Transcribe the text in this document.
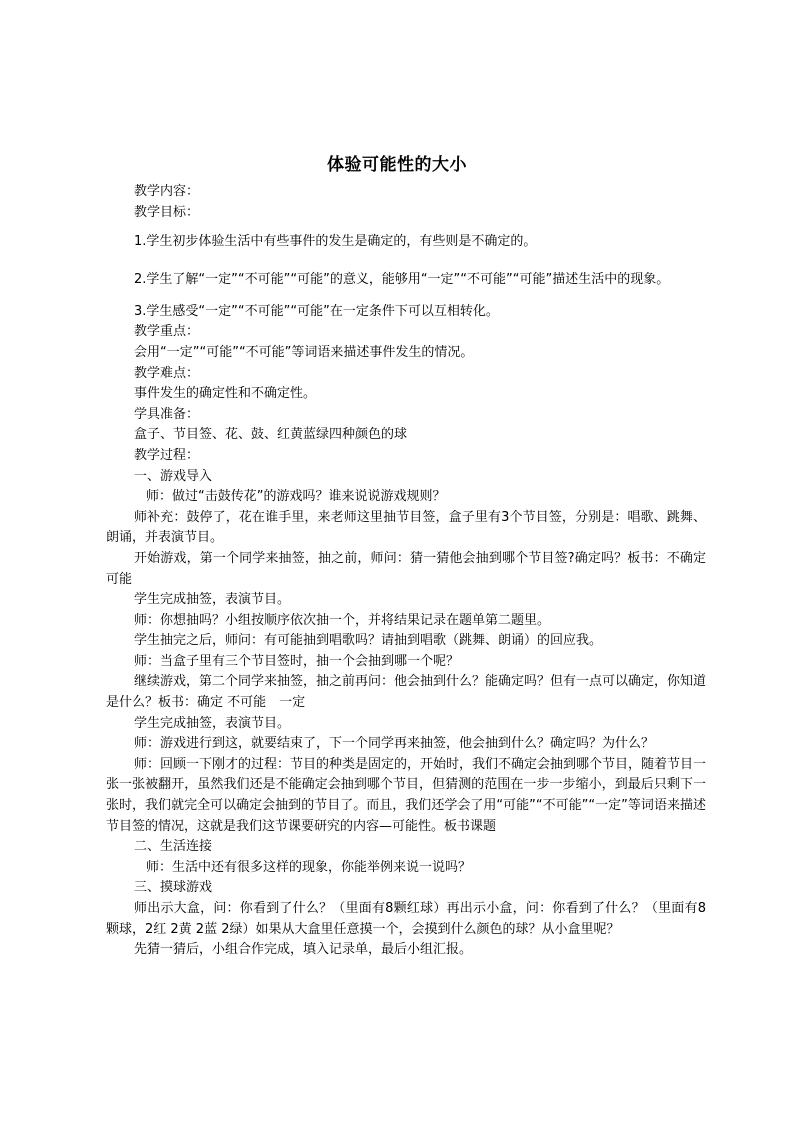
体验可能性的大小

教学内容：

教学目标：

1.学生初步体验生活中有些事件的发生是确定的，有些则是不确定的。

2.学生了解“一定”“不可能”“可能”的意义，能够用“一定”“不可能”“可能”描述生活中的现象。

3.学生感受“一定”“不可能”“可能”在一定条件下可以互相转化。

教学重点：

会用“一定”“可能”“不可能”等词语来描述事件发生的情况。

教学难点：

事件发生的确定性和不确定性。

学具准备：

盒子、节目签、花、鼓、红黄蓝绿四种颜色的球

教学过程：

一、游戏导入

师：做过“击鼓传花”的游戏吗？谁来说说游戏规则？

师补充：鼓停了，花在谁手里，来老师这里抽节目签，盒子里有3个节目签，分别是：唱歌、跳舞、朗诵，并表演节目。

开始游戏，第一个同学来抽签，抽之前，师问：猜一猜他会抽到哪个节目签?确定吗？板书：不确定　可能

学生完成抽签，表演节目。

师：你想抽吗？小组按顺序依次抽一个，并将结果记录在题单第二题里。

学生抽完之后，师问：有可能抽到唱歌吗？请抽到唱歌（跳舞、朗诵）的回应我。

师：当盒子里有三个节目签时，抽一个会抽到哪一个呢？

继续游戏，第二个同学来抽签，抽之前再问：他会抽到什么？能确定吗？但有一点可以确定，你知道是什么？板书：确定 不可能　一定

学生完成抽签，表演节目。

师：游戏进行到这，就要结束了，下一个同学再来抽签，他会抽到什么？确定吗？为什么？

师：回顾一下刚才的过程：节目的种类是固定的，开始时，我们不确定会抽到哪个节目，随着节目一张一张被翻开，虽然我们还是不能确定会抽到哪个节目，但猜测的范围在一步一步缩小，到最后只剩下一张时，我们就完全可以确定会抽到的节目了。而且，我们还学会了用“可能”“不可能”“一定”等词语来描述节目签的情况，这就是我们这节课要研究的内容—可能性。板书课题

二、生活连接

师：生活中还有很多这样的现象，你能举例来说一说吗？

三、摸球游戏

师出示大盒，问：你看到了什么？（里面有8颗红球）再出示小盒，问：你看到了什么？（里面有8颗球，2红 2黄 2蓝 2绿）如果从大盒里任意摸一个，会摸到什么颜色的球？从小盒里呢？

先猜一猜后，小组合作完成，填入记录单，最后小组汇报。
